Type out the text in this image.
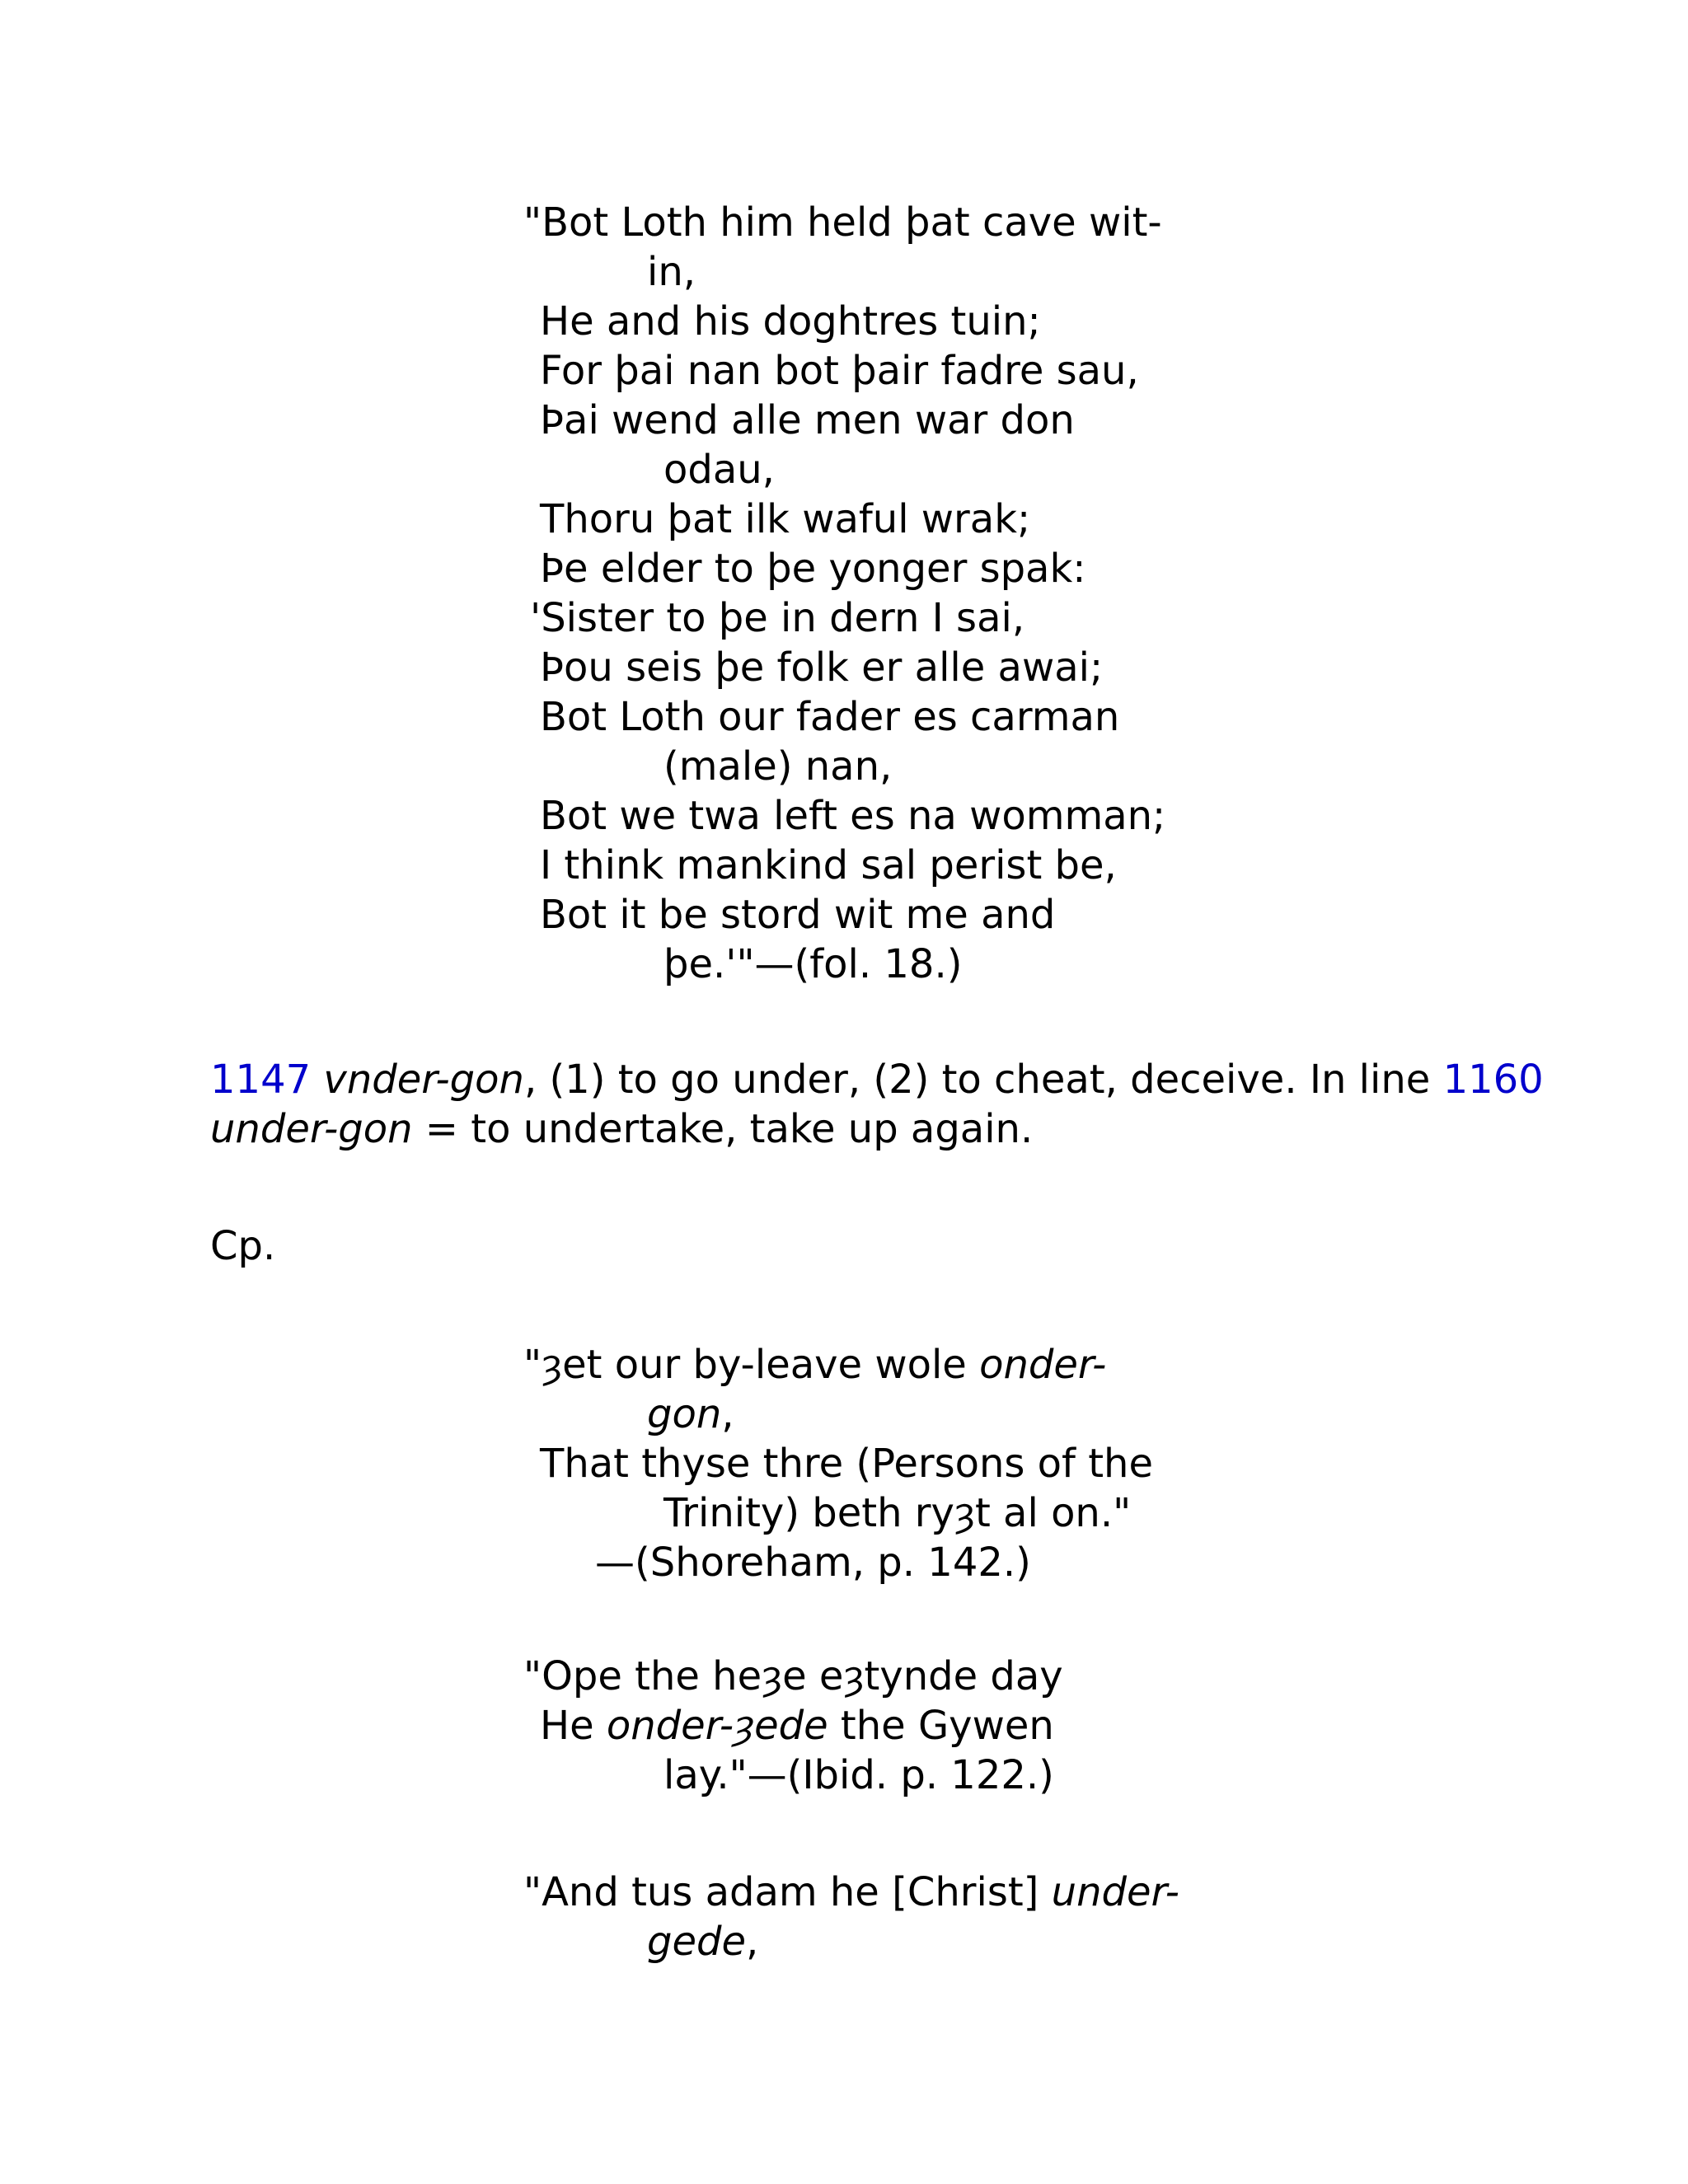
"Bot Loth him held þat cave wit-
in,
He and his doghtres tuin;
For þai nan bot þair fadre sau,
Þai wend alle men war don
odau,
Thoru þat ilk waful wrak;
Þe elder to þe yonger spak:
'Sister to þe in dern I sai,
Þou seis þe folk er alle awai;
Bot Loth our fader es carman
(male) nan,
Bot we twa left es na womman;
I think mankind sal perist be,
Bot it be stord wit me and
þe.'"—(fol. 18.)
1147 vnder-gon, (1) to go under, (2) to cheat, deceive. In line 1160
under-gon = to undertake, take up again.
Cp.
"ȝet our by-leave wole onder-
gon,
That thyse thre (Persons of the
Trinity) beth ryȝt al on."
—(Shoreham, p. 142.)
"Ope the heȝe eȝtynde day
He onder-ȝede the Gywen
lay."—(Ibid. p. 122.)
"And tus adam he [Christ] under-
gede,
